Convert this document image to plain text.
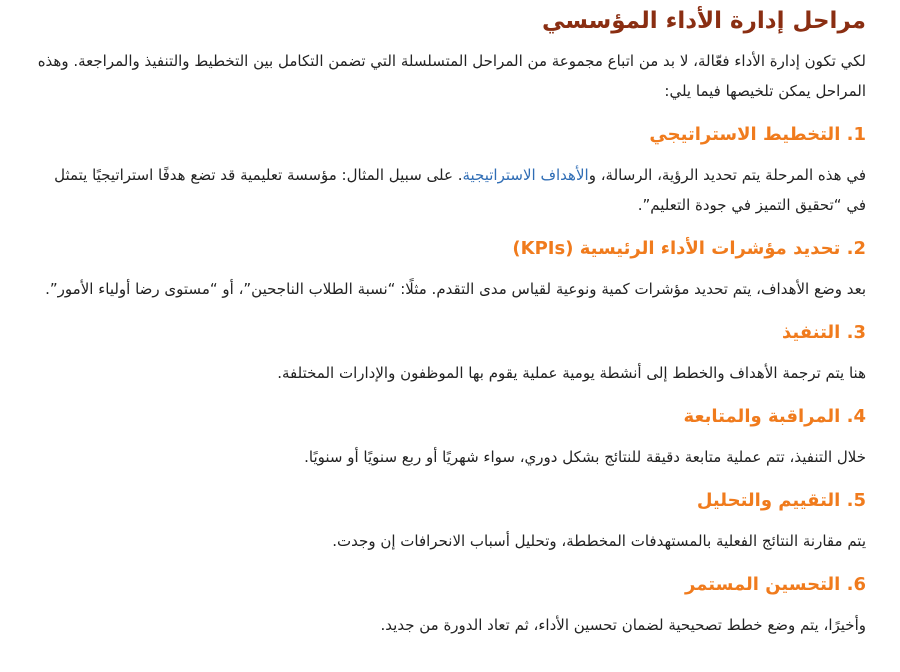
مراحل إدارة الأداء المؤسسي

لكي تكون إدارة الأداء فعّالة، لا بد من اتباع مجموعة من المراحل المتسلسلة التي تضمن التكامل بين التخطيط والتنفيذ والمراجعة. وهذه المراحل يمكن تلخيصها فيما يلي:

1. التخطيط الاستراتيجي

في هذه المرحلة يتم تحديد الرؤية، الرسالة، والأهداف الاستراتيجية. على سبيل المثال: مؤسسة تعليمية قد تضع هدفًا استراتيجيًا يتمثل في “تحقيق التميز في جودة التعليم”.

2. تحديد مؤشرات الأداء الرئيسية (KPIs)

بعد وضع الأهداف، يتم تحديد مؤشرات كمية ونوعية لقياس مدى التقدم. مثلًا: “نسبة الطلاب الناجحين”، أو “مستوى رضا أولياء الأمور”.

3. التنفيذ

هنا يتم ترجمة الأهداف والخطط إلى أنشطة يومية عملية يقوم بها الموظفون والإدارات المختلفة.

4. المراقبة والمتابعة

خلال التنفيذ، تتم عملية متابعة دقيقة للنتائج بشكل دوري، سواء شهريًا أو ربع سنويًا أو سنويًا.

5. التقييم والتحليل

يتم مقارنة النتائج الفعلية بالمستهدفات المخططة، وتحليل أسباب الانحرافات إن وجدت.

6. التحسين المستمر

وأخيرًا، يتم وضع خطط تصحيحية لضمان تحسين الأداء، ثم تعاد الدورة من جديد.
